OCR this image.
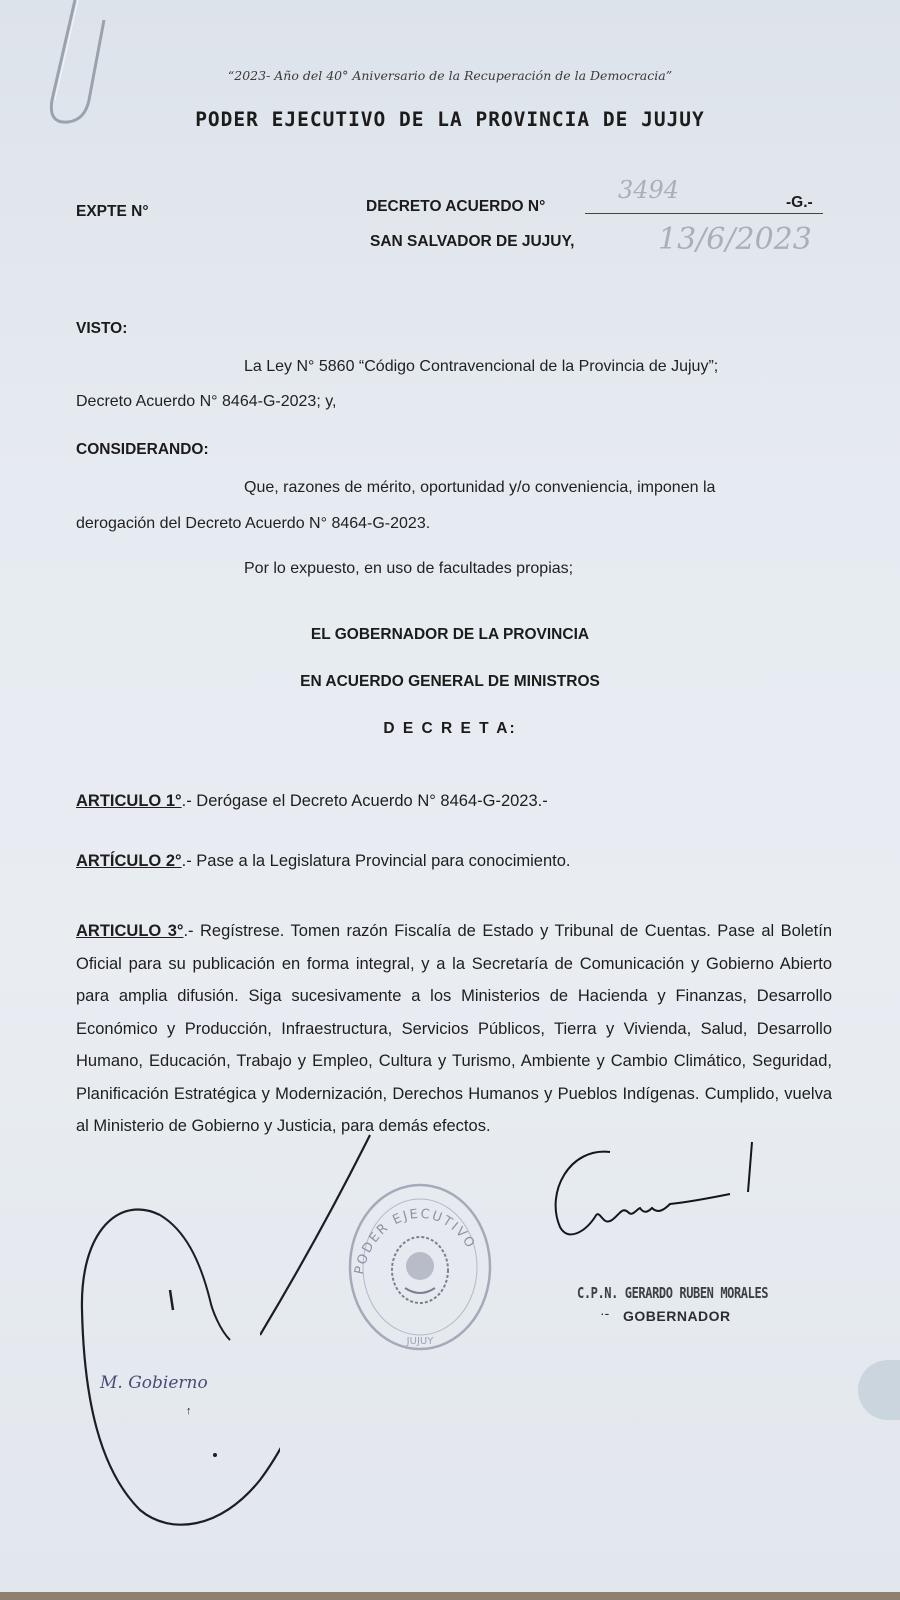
“2023- Año del 40° Aniversario de la Recuperación de la Democracia”
PODER EJECUTIVO DE LA PROVINCIA DE JUJUY
EXPTE N°	DECRETO ACUERDO N°
3494	-G.-
SAN SALVADOR DE JUJUY,	13/6/2023
VISTO:
La Ley N° 5860 “Código Contravencional de la Provincia de Jujuy”;
Decreto Acuerdo N° 8464-G-2023; y,
CONSIDERANDO:
Que, razones de mérito, oportunidad y/o conveniencia, imponen la
derogación del Decreto Acuerdo N° 8464-G-2023.
Por lo expuesto, en uso de facultades propias;
EL GOBERNADOR DE LA PROVINCIA
EN ACUERDO GENERAL DE MINISTROS
D E C R E T A:
ARTICULO 1°.- Derógase el Decreto Acuerdo N° 8464-G-2023.-
ARTÍCULO 2°.- Pase a la Legislatura Provincial para conocimiento.
ARTICULO 3°.- Regístrese. Tomen razón Fiscalía de Estado y Tribunal de Cuentas. Pase al Boletín Oficial para su publicación en forma integral, y a la Secretaría de Comunicación y Gobierno Abierto para amplia difusión. Siga sucesivamente a los Ministerios de Hacienda y Finanzas, Desarrollo Económico y Producción, Infraestructura, Servicios Públicos, Tierra y Vivienda, Salud, Desarrollo Humano, Educación, Trabajo y Empleo, Cultura y Turismo, Ambiente y Cambio Climático, Seguridad, Planificación Estratégica y Modernización, Derechos Humanos y Pueblos Indígenas. Cumplido, vuelva al Ministerio de Gobierno y Justicia, para demás efectos.
M. Gobierno
↑
PODER EJECUTIVO
JUJUY
C.P.N. GERARDO RUBEN MORALES
·- GOBERNADOR
